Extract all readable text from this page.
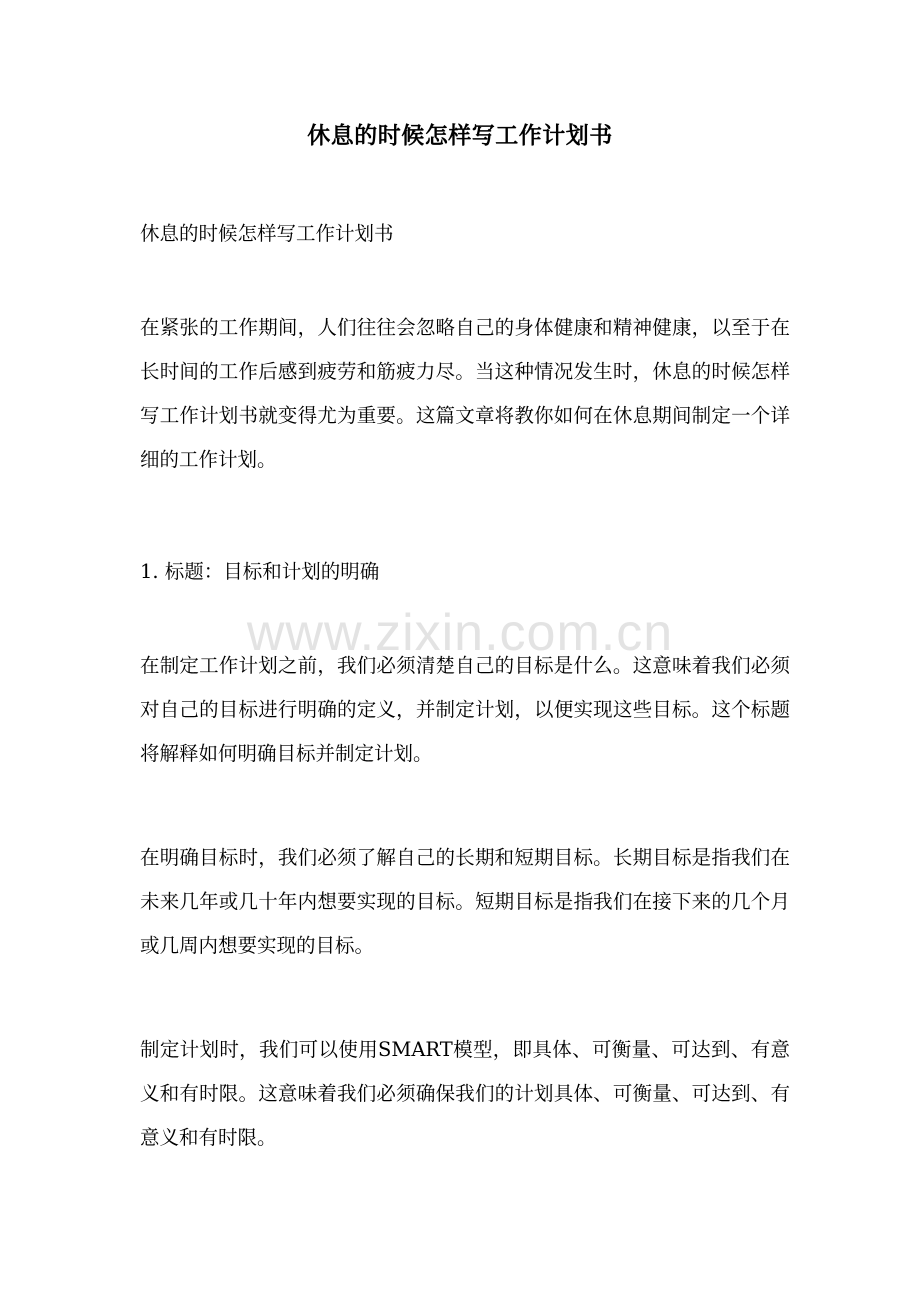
休息的时候怎样写工作计划书

休息的时候怎样写工作计划书

在紧张的工作期间，人们往往会忽略自己的身体健康和精神健康，以至于在长时间的工作后感到疲劳和筋疲力尽。当这种情况发生时，休息的时候怎样写工作计划书就变得尤为重要。这篇文章将教你如何在休息期间制定一个详细的工作计划。

1. 标题：目标和计划的明确

www.zixin.com.cn

在制定工作计划之前，我们必须清楚自己的目标是什么。这意味着我们必须对自己的目标进行明确的定义，并制定计划，以便实现这些目标。这个标题将解释如何明确目标并制定计划。

在明确目标时，我们必须了解自己的长期和短期目标。长期目标是指我们在未来几年或几十年内想要实现的目标。短期目标是指我们在接下来的几个月或几周内想要实现的目标。

制定计划时，我们可以使用SMART模型，即具体、可衡量、可达到、有意义和有时限。这意味着我们必须确保我们的计划具体、可衡量、可达到、有意义和有时限。
